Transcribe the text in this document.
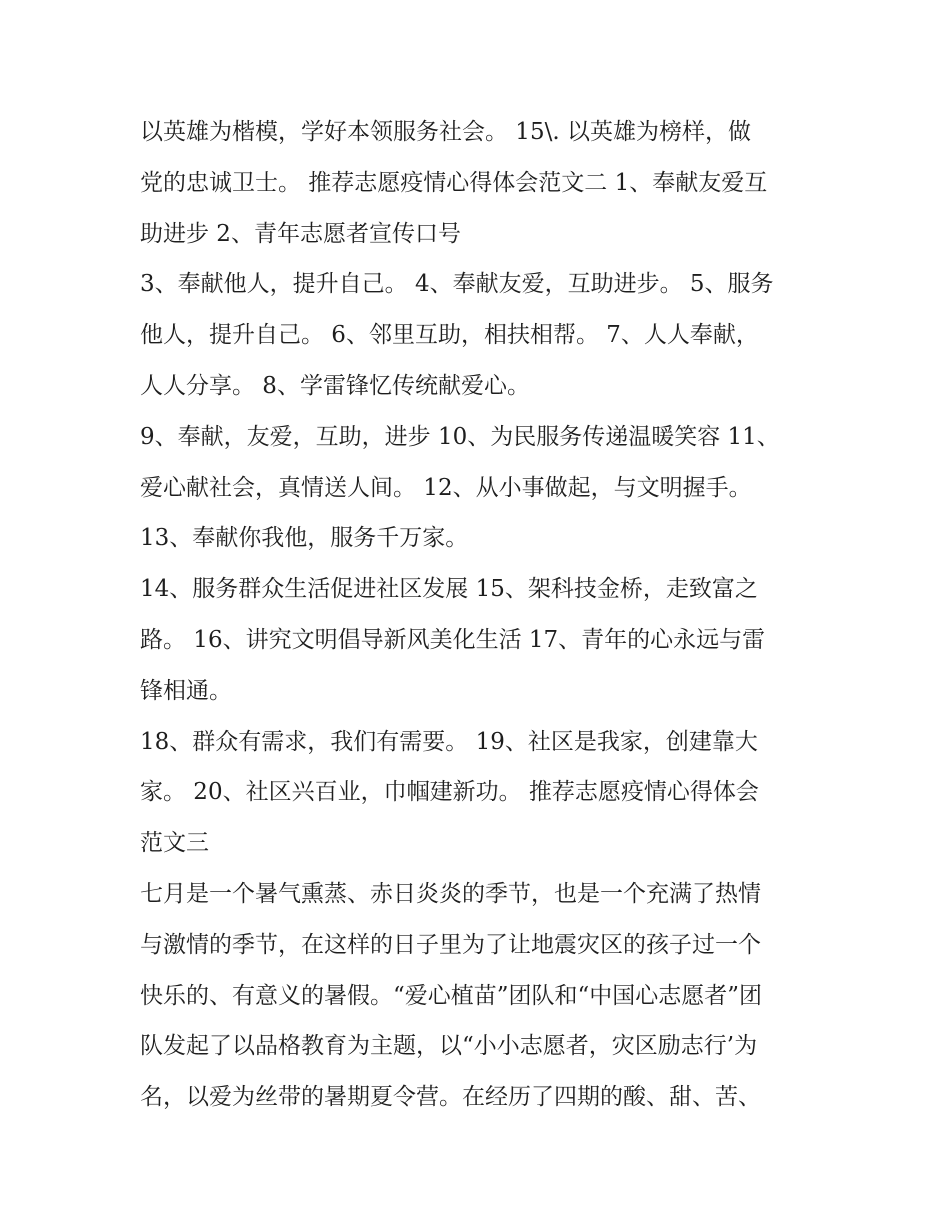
以英雄为楷模，学好本领服务社会。 15\. 以英雄为榜样，做
党的忠诚卫士。 推荐志愿疫情心得体会范文二 1、奉献友爱互
助进步 2、青年志愿者宣传口号

3、奉献他人，提升自己。 4、奉献友爱，互助进步。 5、服务
他人，提升自己。 6、邻里互助，相扶相帮。 7、人人奉献，
人人分享。 8、学雷锋忆传统献爱心。

9、奉献，友爱，互助，进步 10、为民服务传递温暖笑容 11、
爱心献社会，真情送人间。 12、从小事做起，与文明握手。

13、奉献你我他，服务千万家。

14、服务群众生活促进社区发展 15、架科技金桥，走致富之
路。 16、讲究文明倡导新风美化生活 17、青年的心永远与雷
锋相通。

18、群众有需求，我们有需要。 19、社区是我家，创建靠大
家。 20、社区兴百业，巾帼建新功。 推荐志愿疫情心得体会
范文三

七月是一个暑气熏蒸、赤日炎炎的季节，也是一个充满了热情
与激情的季节，在这样的日子里为了让地震灾区的孩子过一个
快乐的、有意义的暑假。“爱心植苗”团队和“中国心志愿者”团
队发起了以品格教育为主题，以“小小志愿者，灾区励志行’为
名，以爱为丝带的暑期夏令营。在经历了四期的酸、甜、苦、
